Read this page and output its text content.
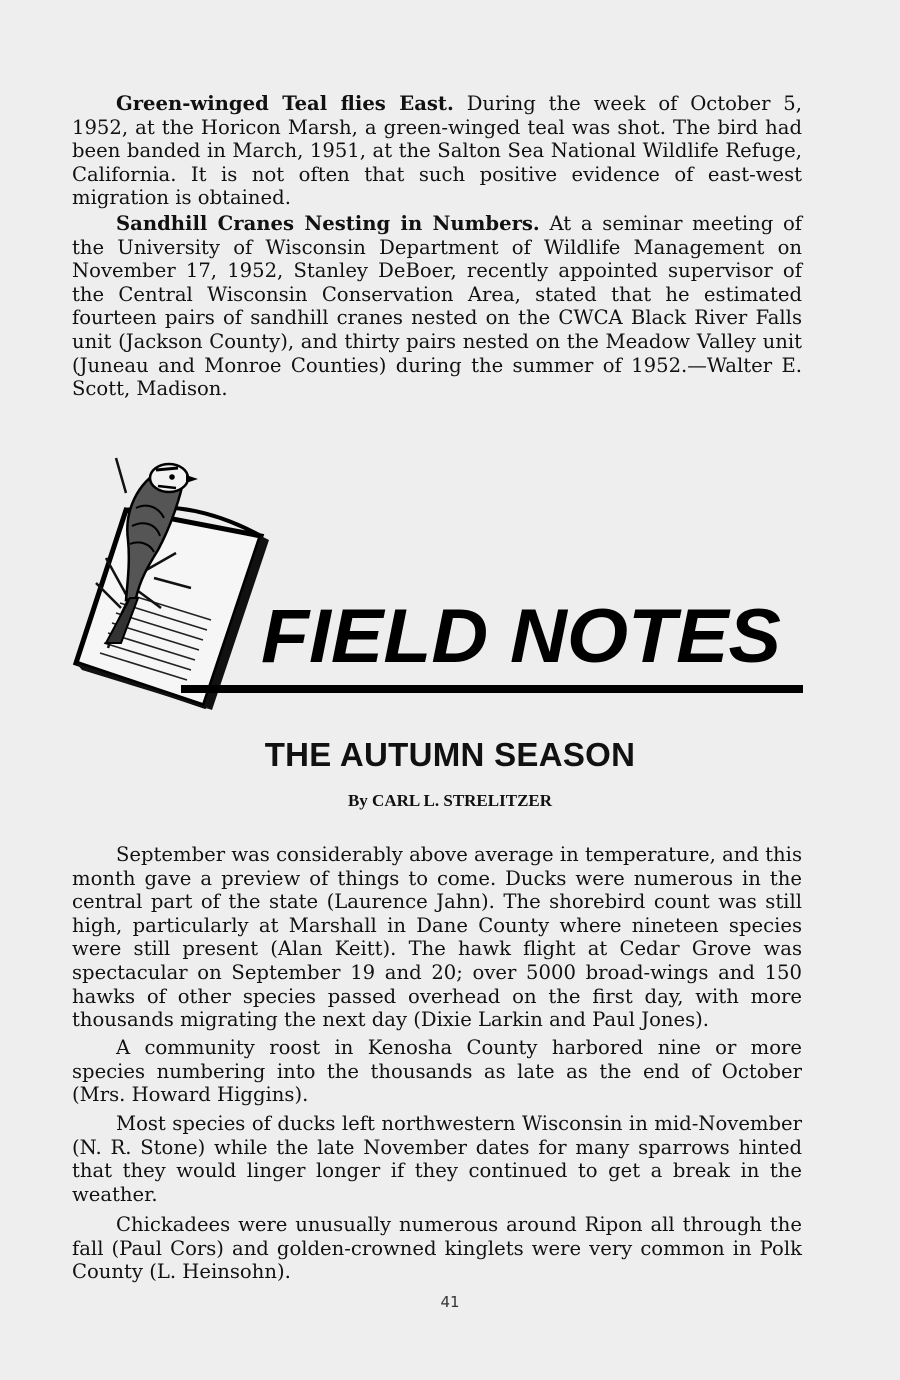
Green-winged Teal flies East. During the week of October 5, 1952, at the Horicon Marsh, a green-winged teal was shot. The bird had been banded in March, 1951, at the Salton Sea National Wildlife Refuge, California. It is not often that such positive evidence of east-west migration is obtained.

Sandhill Cranes Nesting in Numbers. At a seminar meeting of the University of Wisconsin Department of Wildlife Management on November 17, 1952, Stanley DeBoer, recently appointed supervisor of the Central Wisconsin Conservation Area, stated that he estimated fourteen pairs of sandhill cranes nested on the CWCA Black River Falls unit (Jackson County), and thirty pairs nested on the Meadow Valley unit (Juneau and Monroe Counties) during the summer of 1952.—Walter E. Scott, Madison.

FIELD NOTES
THE AUTUMN SEASON

By CARL L. STRELITZER

September was considerably above average in temperature, and this month gave a preview of things to come. Ducks were numerous in the central part of the state (Laurence Jahn). The shorebird count was still high, particularly at Marshall in Dane County where nineteen species were still present (Alan Keitt). The hawk flight at Cedar Grove was spectacular on September 19 and 20; over 5000 broad-wings and 150 hawks of other species passed overhead on the first day, with more thousands migrating the next day (Dixie Larkin and Paul Jones).

A community roost in Kenosha County harbored nine or more species numbering into the thousands as late as the end of October (Mrs. Howard Higgins).

Most species of ducks left northwestern Wisconsin in mid-November (N. R. Stone) while the late November dates for many sparrows hinted that they would linger longer if they continued to get a break in the weather.

Chickadees were unusually numerous around Ripon all through the fall (Paul Cors) and golden-crowned kinglets were very common in Polk County (L. Heinsohn).

41
